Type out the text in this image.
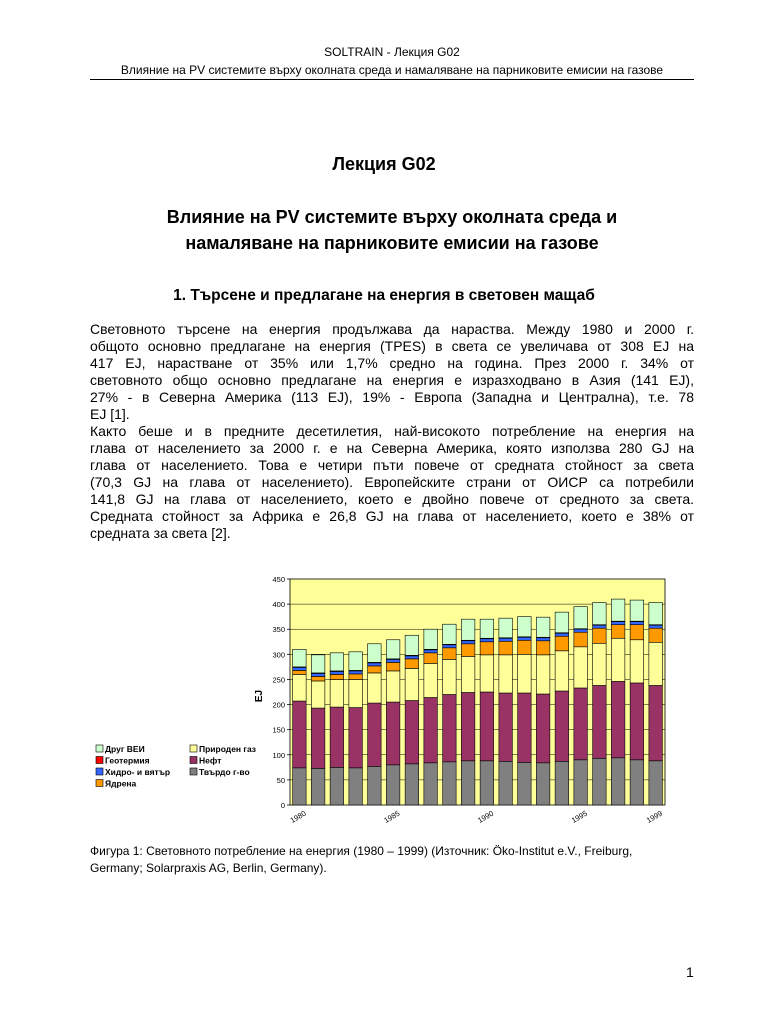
SOLTRAIN - Лекция G02
Влияние на PV системите върху околната среда и намаляване на парниковите емисии на газове
Лекция G02
Влияние на PV системите върху околната среда и
намаляване на парниковите емисии на газове
1. Търсене и предлагане на енергия в световен мащаб
Световното търсене на енергия продължава да нараства. Между 1980 и 2000 г.
общото основно предлагане на енергия (TPES) в света се увеличава от 308 EJ на
417 EJ, нарастване от 35% или 1,7% средно на година. През 2000 г. 34% от
световното общо основно предлагане на енергия е изразходвано в Азия (141 EJ),
27% - в Северна Америка (113 EJ), 19% - Европа (Западна и Централна), т.е. 78
EJ [1].
Както беше и в предните десетилетия, най-високото потребление на енергия на
глава от населението за 2000 г. е на Северна Америка, която използва 280 GJ на
глава от населението. Това е четири пъти повече от средната стойност за света
(70,3 GJ на глава от населението). Европейските страни от ОИСР са потребили
141,8 GJ на глава от населението, което е двойно повече от средното за света.
Средната стойност за Африка е 26,8 GJ на глава от населението, което е 38% от
средната за света [2].
0
50
100
150
200
250
300
350
400
450
1980	1985	1990	1995	1999
EJ
Друг ВЕИ
Геотермия
Хидро- и вятър
Ядрена
Природен газ
Нефт
Твърдо г-во
Фигура 1: Световното потребление на енергия (1980 – 1999) (Източник: Öko-Institut e.V., Freiburg,
Germany; Solarpraxis AG, Berlin, Germany).
1
